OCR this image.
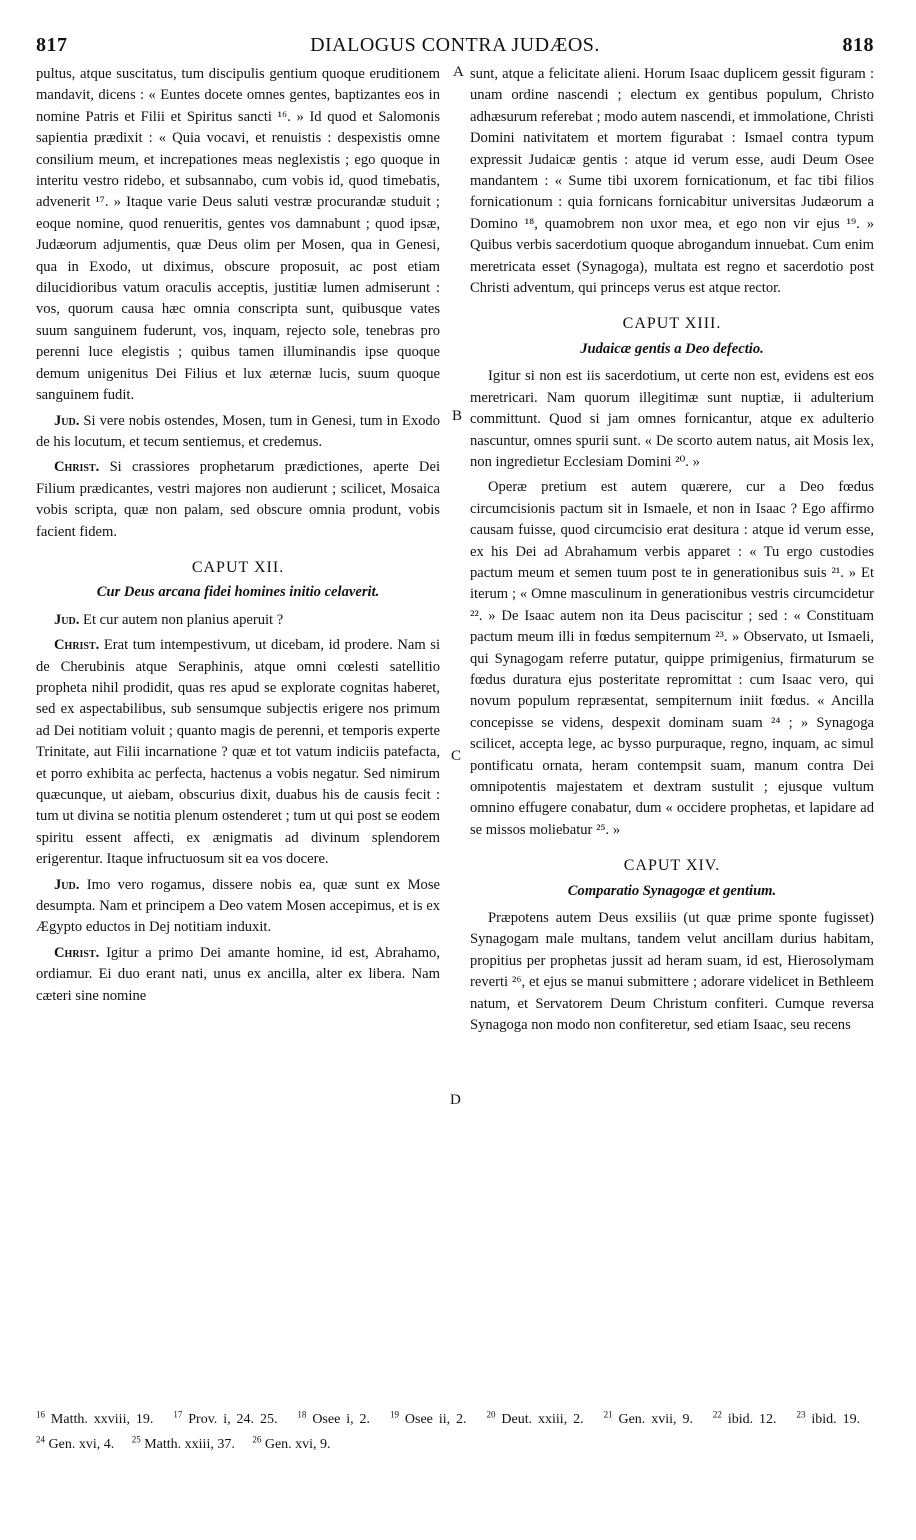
817	DIALOGUS CONTRA JUDÆOS.	818

pultus, atque suscitatus, tum discipulis gentium quoque eruditionem mandavit, dicens : « Euntes docete omnes gentes, baptizantes eos in nomine Patris et Filii et Spiritus sancti ¹⁶. » Id quod et Salomonis sapientia prædixit : « Quia vocavi, et renuistis : despexistis omne consilium meum, et increpationes meas neglexistis ; ego quoque in interitu vestro ridebo, et subsannabo, cum vobis id, quod timebatis, advenerit ¹⁷. » Itaque varie Deus saluti vestræ procurandæ studuit ; eoque nomine, quod renueritis, gentes vos damnabunt ; quod ipsæ, Judæorum adjumentis, quæ Deus olim per Mosen, qua in Genesi, qua in Exodo, ut diximus, obscure proposuit, ac post etiam dilucidioribus vatum oraculis acceptis, justitiæ lumen admiserunt : vos, quorum causa hæc omnia conscripta sunt, quibusque vates suum sanguinem fuderunt, vos, inquam, rejecto sole, tenebras pro perenni luce elegistis ; quibus tamen illuminandis ipse quoque demum unigenitus Dei Filius et lux æternæ lucis, suum quoque sanguinem fudit.

Jud. Si vere nobis ostendes, Mosen, tum in Genesi, tum in Exodo de his locutum, et tecum sentiemus, et credemus.

Christ. Si crassiores prophetarum prædictiones, aperte Dei Filium prædicantes, vestri majores non audierunt ; scilicet, Mosaica vobis scripta, quæ non palam, sed obscure omnia produnt, vobis facient fidem.

CAPUT XII.
Cur Deus arcana fidei homines initio celaverit.

Jud. Et cur autem non planius aperuit ?

Christ. Erat tum intempestivum, ut dicebam, id prodere. Nam si de Cherubinis atque Seraphinis, atque omni cœlesti satellitio propheta nihil prodidit, quas res apud se explorate cognitas haberet, sed ex aspectabilibus, sub sensumque subjectis erigere nos primum ad Dei notitiam voluit ; quanto magis de perenni, et temporis experte Trinitate, aut Filii incarnatione ? quæ et tot vatum indiciis patefacta, et porro exhibita ac perfecta, hactenus a vobis negatur. Sed nimirum quæcunque, ut aiebam, obscurius dixit, duabus his de causis fecit : tum ut divina se notitia plenum ostenderet ; tum ut qui post se eodem spiritu essent affecti, ex ænigmatis ad divinum splendorem erigerentur. Itaque infructuosum sit ea vos docere.

Jud. Imo vero rogamus, dissere nobis ea, quæ sunt ex Mose desumpta. Nam et principem a Deo vatem Mosen accepimus, et is ex Ægypto eductos in Dej notitiam induxit.

Christ. Igitur a primo Dei amante homine, id est, Abrahamo, ordiamur. Ei duo erant nati, unus ex ancilla, alter ex libera. Nam cæteri sine nomine

sunt, atque a felicitate alieni. Horum Isaac duplicem gessit figuram : unam ordine nascendi ; electum ex gentibus populum, Christo adhæsurum referebat ; modo autem nascendi, et immolatione, Christi Domini nativitatem et mortem figurabat : Ismael contra typum expressit Judaicæ gentis : atque id verum esse, audi Deum Osee mandantem : « Sume tibi uxorem fornicationum, et fac tibi filios fornicationum : quia fornicans fornicabitur universitas Judæorum a Domino ¹⁸, quamobrem non uxor mea, et ego non vir ejus ¹⁹. » Quibus verbis sacerdotium quoque abrogandum innuebat. Cum enim meretricata esset (Synagoga), multata est regno et sacerdotio post Christi adventum, qui princeps verus est atque rector.

CAPUT XIII.
Judaicæ gentis a Deo defectio.

Igitur si non est iis sacerdotium, ut certe non est, evidens est eos meretricari. Nam quorum illegitimæ sunt nuptiæ, ii adulterium committunt. Quod si jam omnes fornicantur, atque ex adulterio nascuntur, omnes spurii sunt. « De scorto autem natus, ait Mosis lex, non ingredietur Ecclesiam Domini ²⁰. »

Operæ pretium est autem quærere, cur a Deo fœdus circumcisionis pactum sit in Ismaele, et non in Isaac ? Ego affirmo causam fuisse, quod circumcisio erat desitura : atque id verum esse, ex his Dei ad Abrahamum verbis apparet : « Tu ergo custodies pactum meum et semen tuum post te in generationibus suis ²¹. » Et iterum ; « Omne masculinum in generationibus vestris circumcidetur ²². » De Isaac autem non ita Deus paciscitur ; sed : « Constituam pactum meum illi in fœdus sempiternum ²³. » Observato, ut Ismaeli, qui Synagogam referre putatur, quippe primigenius, firmaturum se fœdus duratura ejus posteritate repromittat : cum Isaac vero, qui novum populum repræsentat, sempiternum iniit fœdus. « Ancilla concepisse se videns, despexit dominam suam ²⁴ ; » Synagoga scilicet, accepta lege, ac bysso purpuraque, regno, inquam, ac simul pontificatu ornata, heram contempsit suam, manum contra Dei omnipotentis majestatem et dextram sustulit ; ejusque vultum omnino effugere conabatur, dum « occidere prophetas, et lapidare ad se missos moliebatur ²⁵. »

CAPUT XIV.
Comparatio Synagogæ et gentium.

Præpotens autem Deus exsiliis (ut quæ prime sponte fugisset) Synagogam male multans, tandem velut ancillam durius habitam, propitius per prophetas jussit ad heram suam, id est, Hierosolymam reverti ²⁶, et ejus se manui submittere ; adorare videlicet in Bethleem natum, et Servatorem Deum Christum confiteri. Cumque reversa Synagoga non modo non confiteretur, sed etiam Isaac, seu recens

A
B
C
D
$^{16}$ Matth. xxviii, 19. $^{17}$ Prov. i, 24. 25. $^{18}$ Osee i, 2. $^{19}$ Osee ii, 2. $^{20}$ Deut. xxiii, 2. $^{21}$ Gen. xvii, 9. $^{22}$ ibid. 12. $^{23}$ ibid. 19. $^{24}$ Gen. xvi, 4. $^{25}$ Matth. xxiii, 37. $^{26}$ Gen. xvi, 9.
